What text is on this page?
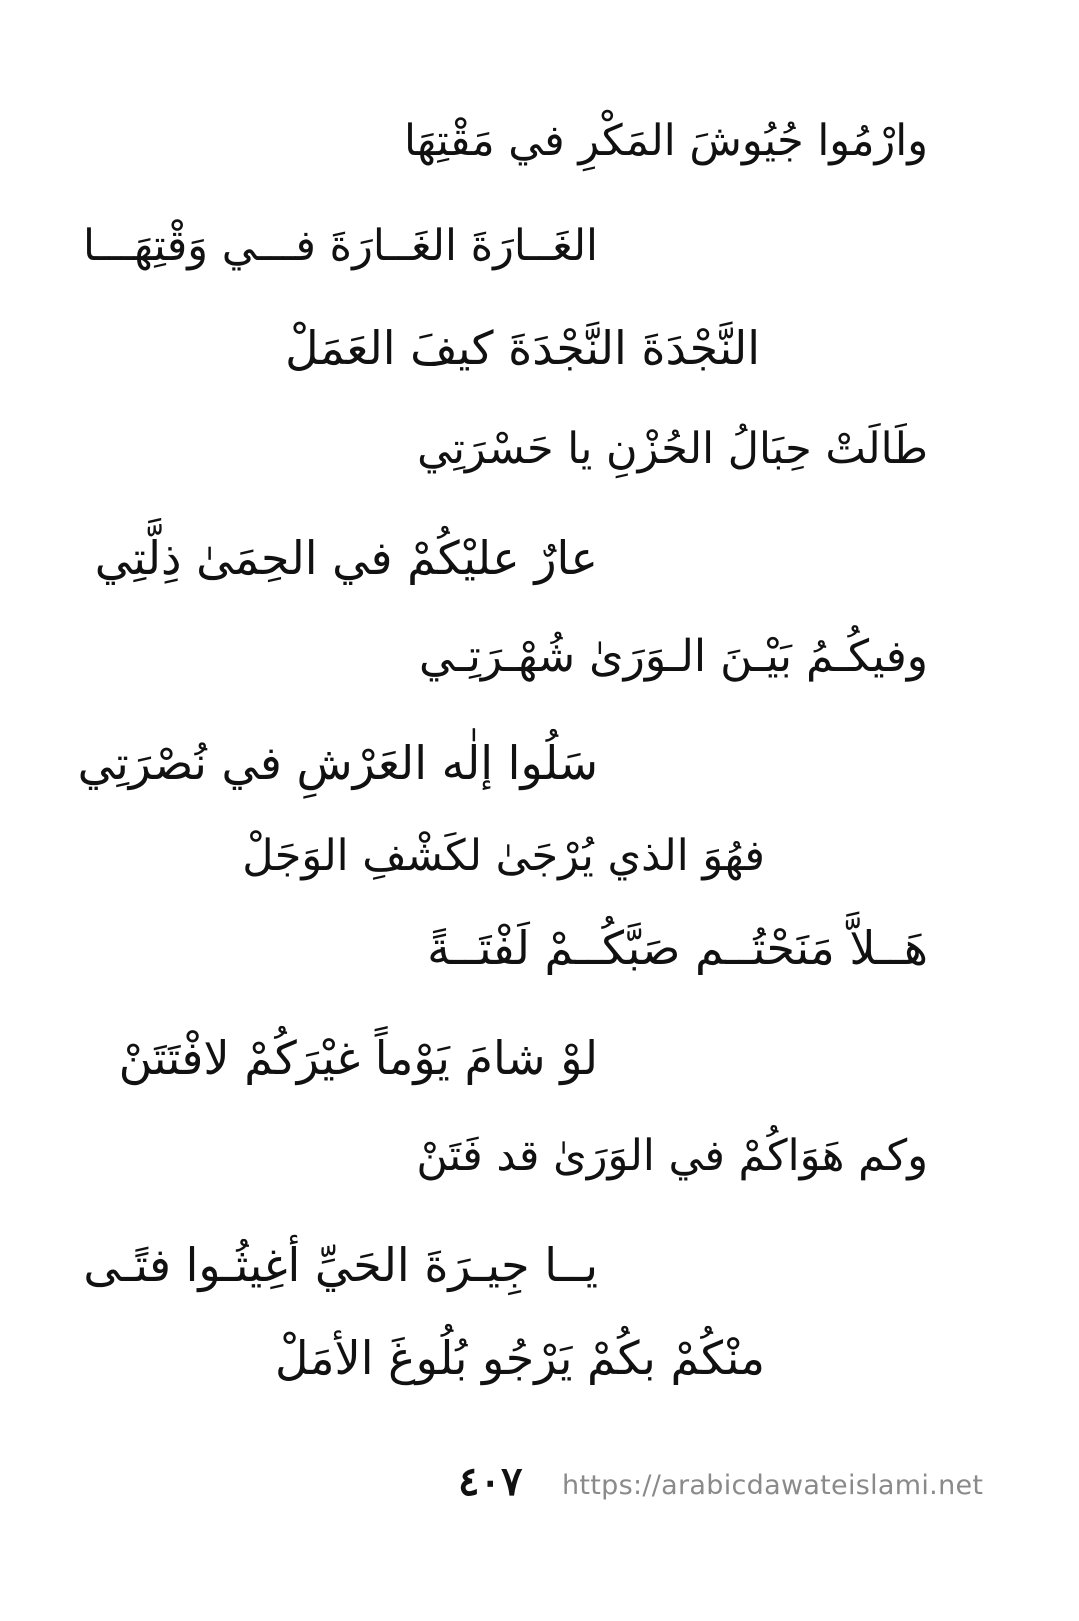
وارْمُوا جُيُوشَ المَكْرِ في مَقْتِهَا
الغَــارَةَ الغَــارَةَ فـــي وَقْتِهَـــا
النَّجْدَةَ النَّجْدَةَ كيفَ العَمَلْ
طَالَتْ حِبَالُ الحُزْنِ يا حَسْرَتِي
عارٌ عليْكُمْ في الحِمَىٰ ذِلَّتِي
وفيكُـمُ بَيْـنَ الـوَرَىٰ شُهْـرَتِـي
سَلُوا إلٰه العَرْشِ في نُصْرَتِي
فهُوَ الذي يُرْجَىٰ لكَشْفِ الوَجَلْ
هَــلاَّ مَنَحْتُــم صَبَّكُــمْ لَفْتَــةً
لوْ شامَ يَوْماً غيْرَكُمْ لافْتَتَنْ
وكم هَوَاكُمْ في الوَرَىٰ قد فَتَنْ
يــا جِيـرَةَ الحَيِّ أغِيثُـوا فتًـى
منْكُمْ بكُمْ يَرْجُو بُلُوغَ الأمَلْ
٤٠٧ https://arabicdawateislami.net
